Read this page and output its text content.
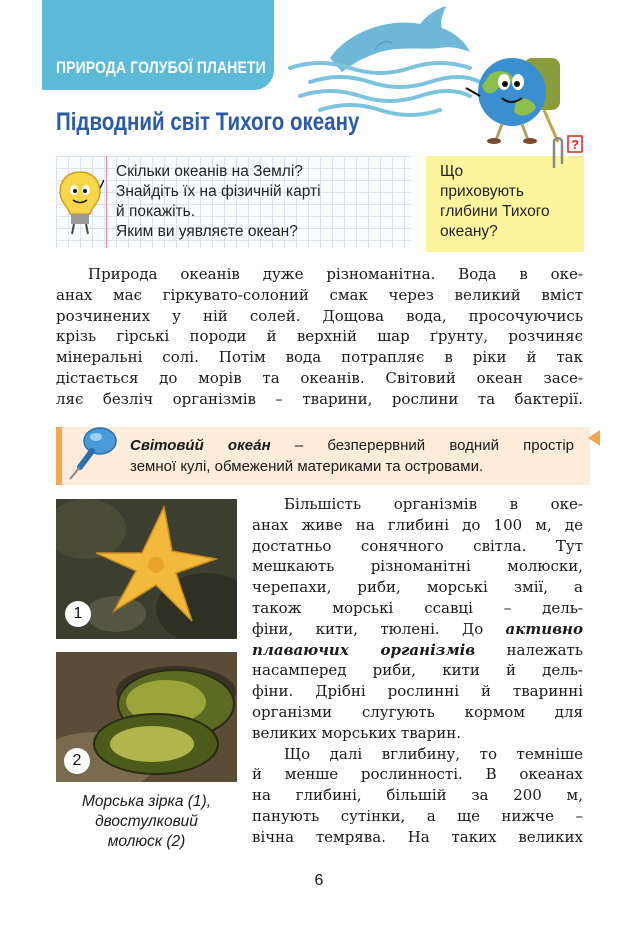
ПРИРОДА ГОЛУБОЇ ПЛАНЕТИ
Підводний світ Тихого океану
Скільки океанів на Землі?
Знайдіть їх на фізичній карті
й покажіть.
Яким ви уявляєте океан?
Що
приховують
глибини Тихого
океану?
?
Природа океанів дуже різноманітна. Вода в оке-
анах має гіркувато-солоний смак через великий вміст
розчинених у ній солей. Дощова вода, просочуючись
крізь гірські породи й верхній шар ґрунту, розчиняє
мінеральні солі. Потім вода потрапляє в ріки й так
дістається до морів та океанів. Світовий океан засе-
ляє безліч організмів – тварини, рослини та бактерії.
Світови́й океа́н – безперервний водний простір
земної кулі, обмежений материками та островами.
1
2
Морська зірка (1),
двостулковий
молюск (2)
Більшість організмів в оке-
анах живе на глибині до 100 м, де
достатньо сонячного світла. Тут
мешкають різноманітні молюски,
черепахи, риби, морські змії, а
також морські ссавці – дель-
фіни, кити, тюлені. До активно
плаваючих організмів належать
насамперед риби, кити й дель-
фіни. Дрібні рослинні й тваринні
організми слугують кормом для
великих морських тварин.
Що далі вглибину, то темніше
й менше рослинності. В океанах
на глибині, більшій за 200 м,
панують сутінки, а ще нижче –
вічна темрява. На таких великих
6
